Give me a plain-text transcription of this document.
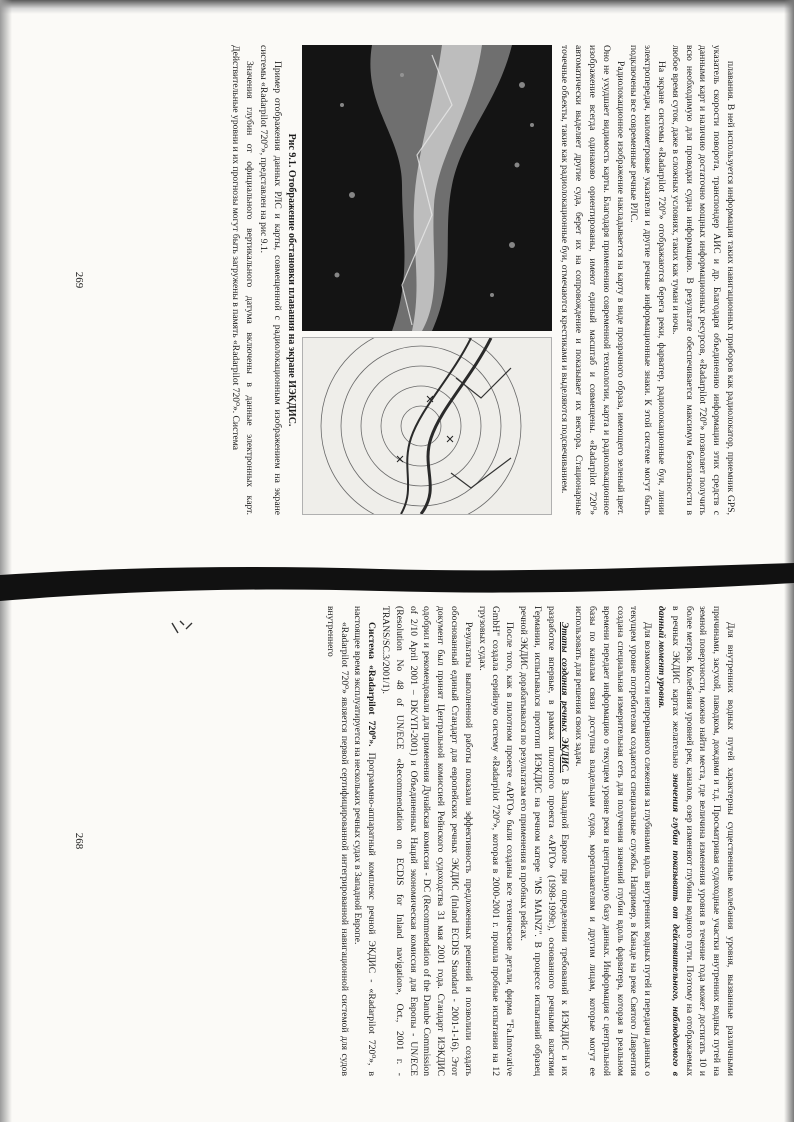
плавания. В ней используется информация таких навигационных приборов как радиолокатор, приемник GPS, указатель скорости поворота, транспондер АИС и др. Благодаря объединению информации этих средств с данными карт и наличию достаточно мощных информационных ресурсов, «Radarpilot 720⁰» позволяет получить всю необходимую для проводки судна информацию. В результате обеспечивается максимум безопасности в любое время суток, даже в сложных условиях, таких как туман и ночь.

На экране системы «Radarpilot 720⁰» отображаются берега реки, фарватер, радиолокационные буи, линии электропередач, километровые указатели и другие речные информационные знаки. К этой системе могут быть подключены все современные речные РЛС.

Радиолокационное изображение накладывается на карту в виде прозрачного образа, имеющего зеленый цвет. Оно не ухудшает видимость карты. Благодаря применению современной технологии, карта и радиолокационное изображение всегда одинаково ориентированы, имеют единый масштаб и совмещены. «Radarpilot 720⁰» автоматически выделяет другие суда, берет их на сопровождение и показывает их вектора. Стационарные точечные объекты, такие как радиолокационные буи, отмечаются крестиками и выделяются подсвечиванием.

Рис 9.1. Отображение обстановки плавания на экране ИЭКДИС.

Пример отображения данных РЛС и карты, совмещенной с радиолокационным изображением на экране системы «Radarpilot 720⁰», представлен на рис 9.1.

Значения глубин от официального вертикального датума включены в данные электронных карт. Действительные уровни и их прогнозы могут быть загружены в память «Radarpilot 720⁰». Система

269

Для внутренних водных путей характерны существенные колебания уровня, вызванные различными причинами, засухой, паводком, дождями и т.д. Просматривая судоходные участки внутренних водных путей на земной поверхности, можно найти места, где величина изменения уровня в течение года может достигать 10 и более метров. Колебания уровней рек, каналов, озер изменяют глубины водного пути. Поэтому на отображаемых в речных ЭКДИС картах желательно значения глубин показывать от действительного, наблюдаемого в данный момент уровня.

Для возможности непрерывного слежения за глубинами вдоль внутренних водных путей и передачи данных о текущем уровне потребителям создаются специальные службы. Например, в Канаде на реке Святого Лаврентия создана специальная измерительная сеть для получения значений глубин вдоль фарватера, которая в реальном времени передает информацию о текущем уровне реки в центральную базу данных. Информация с центральной базы по каналам связи доступна владельцам судов, мореплавателям и другим лицам, которые могут ее использовать для решения своих задач.

Этапы создания речных ЭКДИС. В Западной Европе при определении требований к ИЭКДИС и их разработке впервые, в рамках пилотного проекта «АРГО» (1998-1999г.), основанного речными властями Германии, испытывался прототип ИЭКДИС на речном катере "MS MAINZ". В процессе испытаний образец речной ЭКДИС дорабатывался по результатам его применения в пробных рейсах.

После того, как в пилотном проекте «АРГО» были созданы все технические детали, фирма "Fa.Innovative GmbH" создала серийную систему «Radarpilot 720⁰», которая в 2000-2001 г. прошла пробные испытания на 12 грузовых судах.

Результаты выполненной работы показали эффективность предложенных решений и позволили создать обоснованный единый Стандарт для европейских речных ЭКДИС (Inland ECDIS Standard - 2001-1-16). Этот документ был принят Центральной комиссией Рейнского судоходства 31 мая 2001 года. Стандарт ИЭКДИС одобрил и рекомендовали для применения Дунайская комиссия - DC (Recommendation of the Danube Commission of 2/10 April 2001 – DK/ҮП-2001) и Объединенных Наций экономическая комиссия для Европы - UN/ECE (Resolution No 48 of UN/ECE «Recommendation on ECDIS for Inland navigation», Oct., 2001 г. - TRANS/SC.3/2001/1).

Система «Radarpilot 720⁰». Программно-аппаратный комплекс речной ЭКДИС - «Radarpilot 720⁰», в настоящее время эксплуатируется на нескольких речных судах в Западной Европе.

«Radarpilot 720⁰» является первой сертифицированной интегрированной навигационной системой для судов внутреннего

268
